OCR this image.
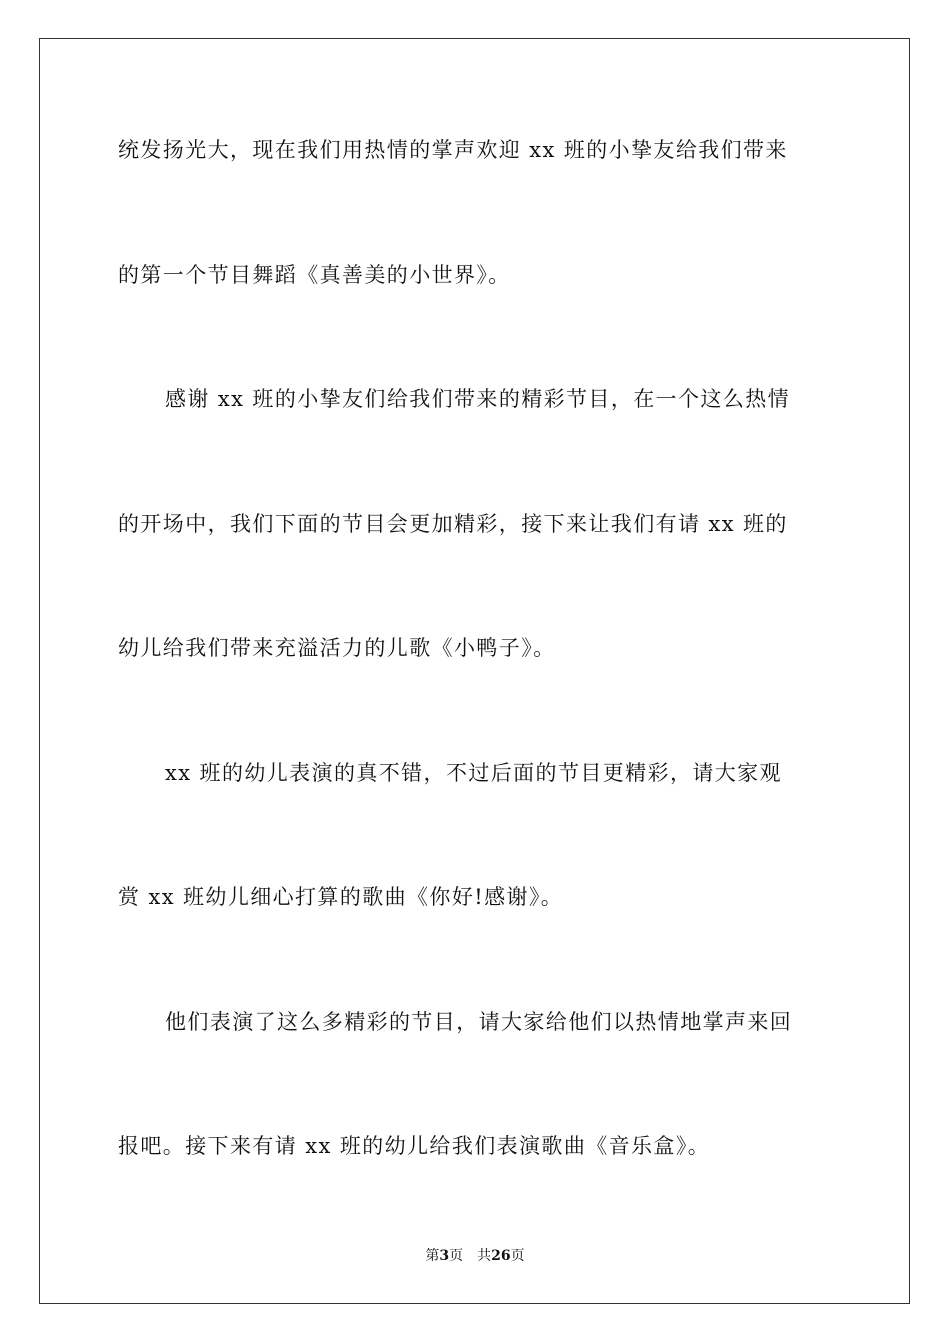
统发扬光大，现在我们用热情的掌声欢迎 xx 班的小挚友给我们带来
的第一个节目舞蹈《真善美的小世界》。
感谢 xx 班的小挚友们给我们带来的精彩节目，在一个这么热情
的开场中，我们下面的节目会更加精彩，接下来让我们有请 xx 班的
幼儿给我们带来充溢活力的儿歌《小鸭子》。
xx 班的幼儿表演的真不错，不过后面的节目更精彩，请大家观
赏 xx 班幼儿细心打算的歌曲《你好!感谢》。
他们表演了这么多精彩的节目，请大家给他们以热情地掌声来回
报吧。接下来有请 xx 班的幼儿给我们表演歌曲《音乐盒》。
第3页 共26页
